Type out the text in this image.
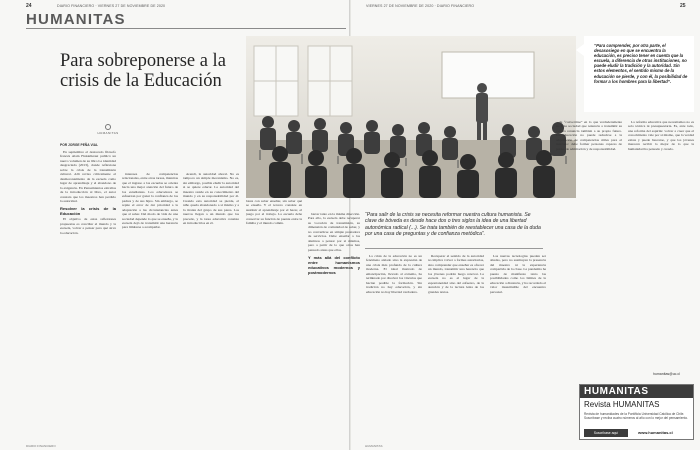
24	DIARIO FINANCIERO · VIERNES 27 DE NOVIEMBRE DE 2020	VIERNES 27 DE NOVIEMBRE DE 2020 · DIARIO FINANCIERO	25
HUMANITAS
Para sobreponerse a la crisis de la Educación
HUMANITAS
POR JORGE PEÑA VIAL

En septiembre el destacado filósofo francés Alain Finkielkraut publicó un nuevo volumen de su libro La identidad desgraciada (2013), donde reflexiona sobre la crisis de la transmisión cultural. Allí revisa críticamente el desmoronamiento de la escuela como lugar de aprendizaje y el abandono de la exigencia. En Pensamientos extraños de la introducción al libro, el autor constata que los maestros han perdido la autoridad.

Resolver la crisis de la Educación

El objetivo de estas reflexiones propuestas es conciliar el mundo y la escuela, volver a pensar para qué sirve la educación.

intereses de competencias relacionales, entre otras tareas, mientras que el ingreso a las escuelas se orienta hacia una mejor atención del futuro de los estudiantes. Los educadores se esfuerzan por ganar la confianza de los padres y de sus hijos. Sin embargo, se repite el error de dar prioridad a la adaptación a las circunstancias antes que al saber. Del modo de vida de una sociedad depende lo que se enseña, y la escuela dejó de transmitir una herencia para limitarse a acompañar.

Arendt, la autoridad aboral. No es tampoco un simple mecanismo. No es, sin embargo, posible eludir la autoridad si se quiere educar. La autoridad del maestro reside en su conocimiento del mundo y en su responsabilidad por él. Cuando esta autoridad se pierde, el niño queda abandonado a sí mismo y a la tiranía del grupo de sus pares. Los nuevos llegan a un mundo que los precede, y la tarea educativa consiste en introducirlos en él.

basta con saber enseñar, sin saber qué se enseña. Y el tercero consiste en sustituir el aprendizaje por el hacer, el juego por el trabajo. La escuela debe conservar su función de puente entre la familia y el mundo común.

“Para comprender, por otra parte, el desasosiego en que se encuentra la educación, es preciso tener en cuenta que la escuela, a diferencia de otras instituciones, no puede eludir la tradición y la autoridad. Sin estos elementos, el sentido mismo de la educación se pierde, y con él, la posibilidad de formar a los hombres para la libertad”.

barrer tanto en la misma dirección. Para ello, la escuela debe recuperar su vocación de transmisión, su dimensión de comunidad de saber, y no convertirse en simple prestadora de servicios. Debe enseñar a los alumnos a pensar por sí mismos, pero a partir de lo que otros han pensado antes que ellos.

Y más allá del conflicto entre humanismos educativos modernos y postmodernos
“Para salir de la crisis se necesita reformar nuestra cultura humanista. Se clave de bóveda es desde hace dos o tres siglos la idea de una libertad autonómica radical (...). Se trata también de reestablecer una casa de la duda por una casa de preguntas y de confianza metódica”.

La crisis de la educación no es un fenómeno aislado sino la expresión de una crisis más profunda de la cultura moderna. El ideal ilustrado de emancipación, llevado al extremo, ha terminado por disolver los vínculos que hacían posible la formación. Sin tradición no hay educación, y sin educación no hay libertad verdadera.

Recuperar el sentido de la autoridad no implica volver a formas autoritarias, sino comprender que enseñar es ofrecer un mundo, transmitir una herencia que los jóvenes podrán luego renovar. La escuela no es el lugar de la espontaneidad sino del esfuerzo, de la atención y de la lectura lenta de los grandes textos.

Las nuevas tecnologías pueden ser aliadas, pero no sustituyen la presencia del maestro ni la experiencia compartida de la clase. La pandemia ha puesto de manifiesto tanto las posibilidades como los límites de la educación a distancia, y ha recordado el valor insustituible del encuentro personal.

de “convertirse” en lo que verdaderamente es. Una sociedad que renuncia a transmitir su cultura renuncia también a su propio futuro. La educación no puede reducirse a la adquisición de competencias útiles para el mercado: debe formar personas capaces de juicio, de admiración y de responsabilidad.

La reforma educativa que necesitamos no es solo técnica ni presupuestaria. Es, ante todo, una reforma del espíritu: volver a creer que el conocimiento vale por sí mismo, que la verdad existe y puede buscarse, y que los jóvenes merecen recibir lo mejor de lo que la humanidad ha pensado y creado.

humanitas@uc.cl
HUMANITAS
Revista HUMANITAS
Revista de humanidades de la Pontificia Universidad Católica de Chile. Suscríbase y reciba cuatro números al año con lo mejor del pensamiento.
Suscríbase aquí	www.humanitas.cl
DIARIO FINANCIERO	HUMANITAS
